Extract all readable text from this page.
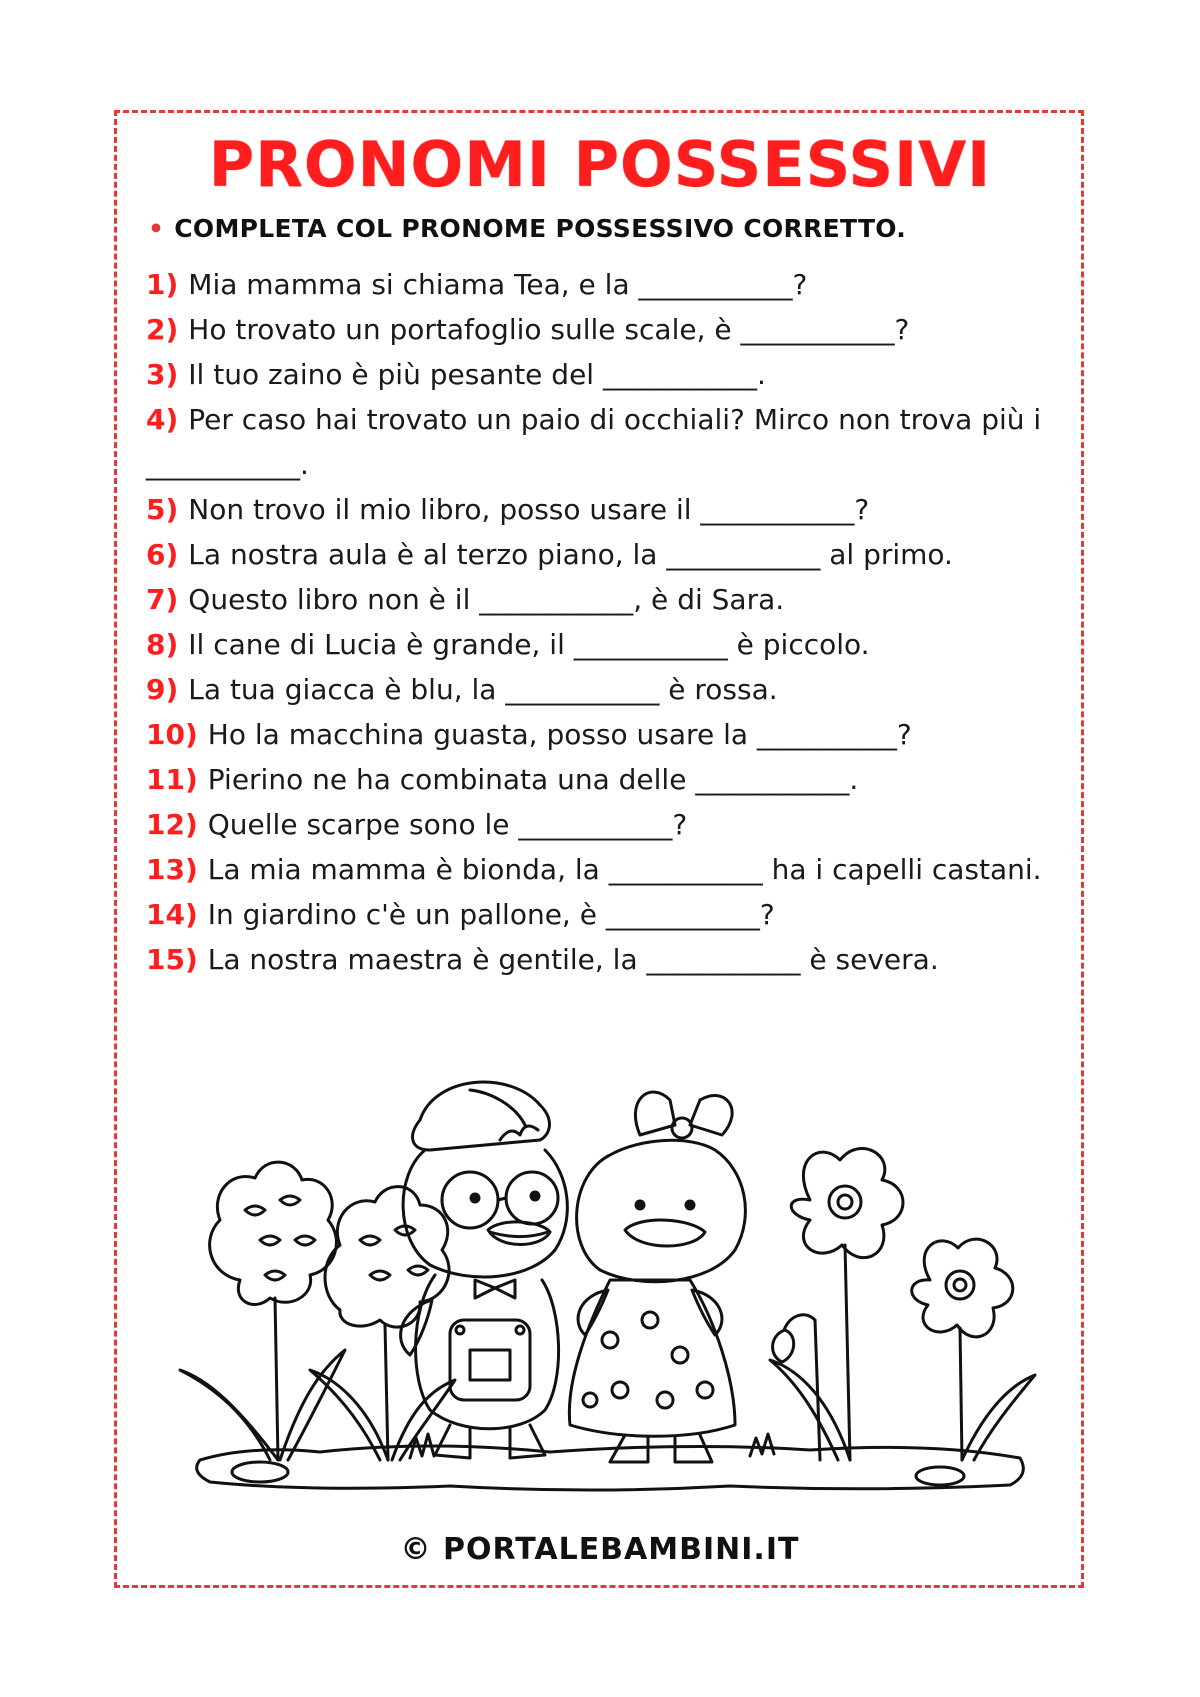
PRONOMI POSSESSIVI
• COMPLETA COL PRONOME POSSESSIVO CORRETTO.
1) Mia mamma si chiama Tea, e la ___________?
2) Ho trovato un portafoglio sulle scale, è ___________?
3) Il tuo zaino è più pesante del ___________.
4) Per caso hai trovato un paio di occhiali? Mirco non trova più i ___________.
5) Non trovo il mio libro, posso usare il ___________?
6) La nostra aula è al terzo piano, la ___________ al primo.
7) Questo libro non è il ___________, è di Sara.
8) Il cane di Lucia è grande, il ___________ è piccolo.
9) La tua giacca è blu, la ___________ è rossa.
10) Ho la macchina guasta, posso usare la __________?
11) Pierino ne ha combinata una delle ___________.
12) Quelle scarpe sono le ___________?
13) La mia mamma è bionda, la ___________ ha i capelli castani.
14) In giardino c'è un pallone, è ___________?
15) La nostra maestra è gentile, la ___________ è severa.
© PORTALEBAMBINI.IT
